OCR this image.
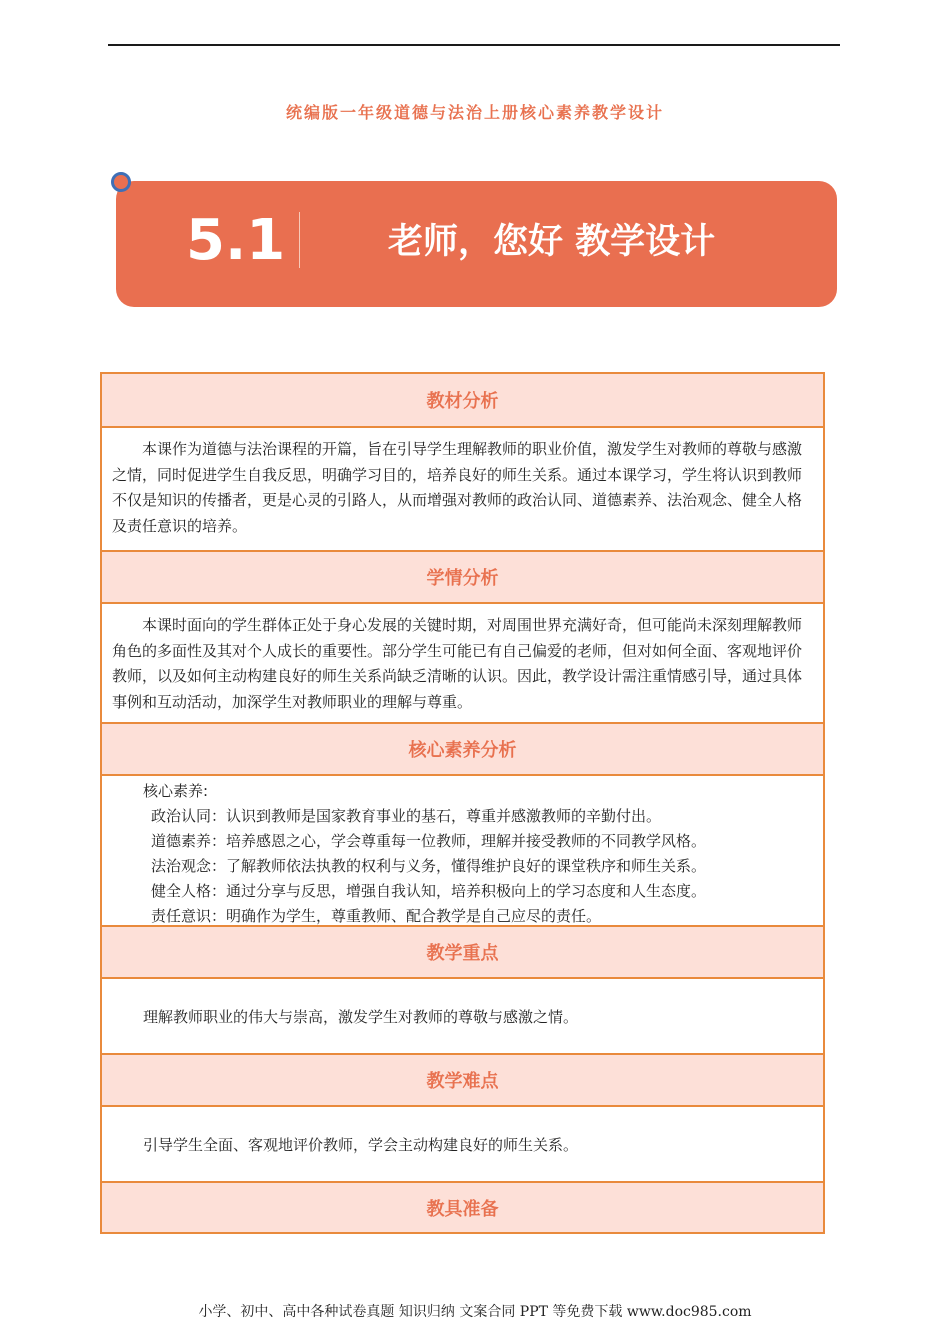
统编版一年级道德与法治上册核心素养教学设计
5.1	老师，您好 教学设计
教材分析
本课作为道德与法治课程的开篇，旨在引导学生理解教师的职业价值，激发学生对教师的尊敬与感激之情，同时促进学生自我反思，明确学习目的，培养良好的师生关系。通过本课学习，学生将认识到教师不仅是知识的传播者，更是心灵的引路人，从而增强对教师的政治认同、道德素养、法治观念、健全人格及责任意识的培养。
学情分析
本课时面向的学生群体正处于身心发展的关键时期，对周围世界充满好奇，但可能尚未深刻理解教师角色的多面性及其对个人成长的重要性。部分学生可能已有自己偏爱的老师，但对如何全面、客观地评价教师，以及如何主动构建良好的师生关系尚缺乏清晰的认识。因此，教学设计需注重情感引导，通过具体事例和互动活动，加深学生对教师职业的理解与尊重。
核心素养分析
核心素养:
政治认同：认识到教师是国家教育事业的基石，尊重并感激教师的辛勤付出。
道德素养：培养感恩之心，学会尊重每一位教师，理解并接受教师的不同教学风格。
法治观念：了解教师依法执教的权利与义务，懂得维护良好的课堂秩序和师生关系。
健全人格：通过分享与反思，增强自我认知，培养积极向上的学习态度和人生态度。
责任意识：明确作为学生，尊重教师、配合教学是自己应尽的责任。
教学重点
理解教师职业的伟大与崇高，激发学生对教师的尊敬与感激之情。
教学难点
引导学生全面、客观地评价教师，学会主动构建良好的师生关系。
教具准备
小学、初中、高中各种试卷真题 知识归纳 文案合同 PPT 等免费下载 www.doc985.com
